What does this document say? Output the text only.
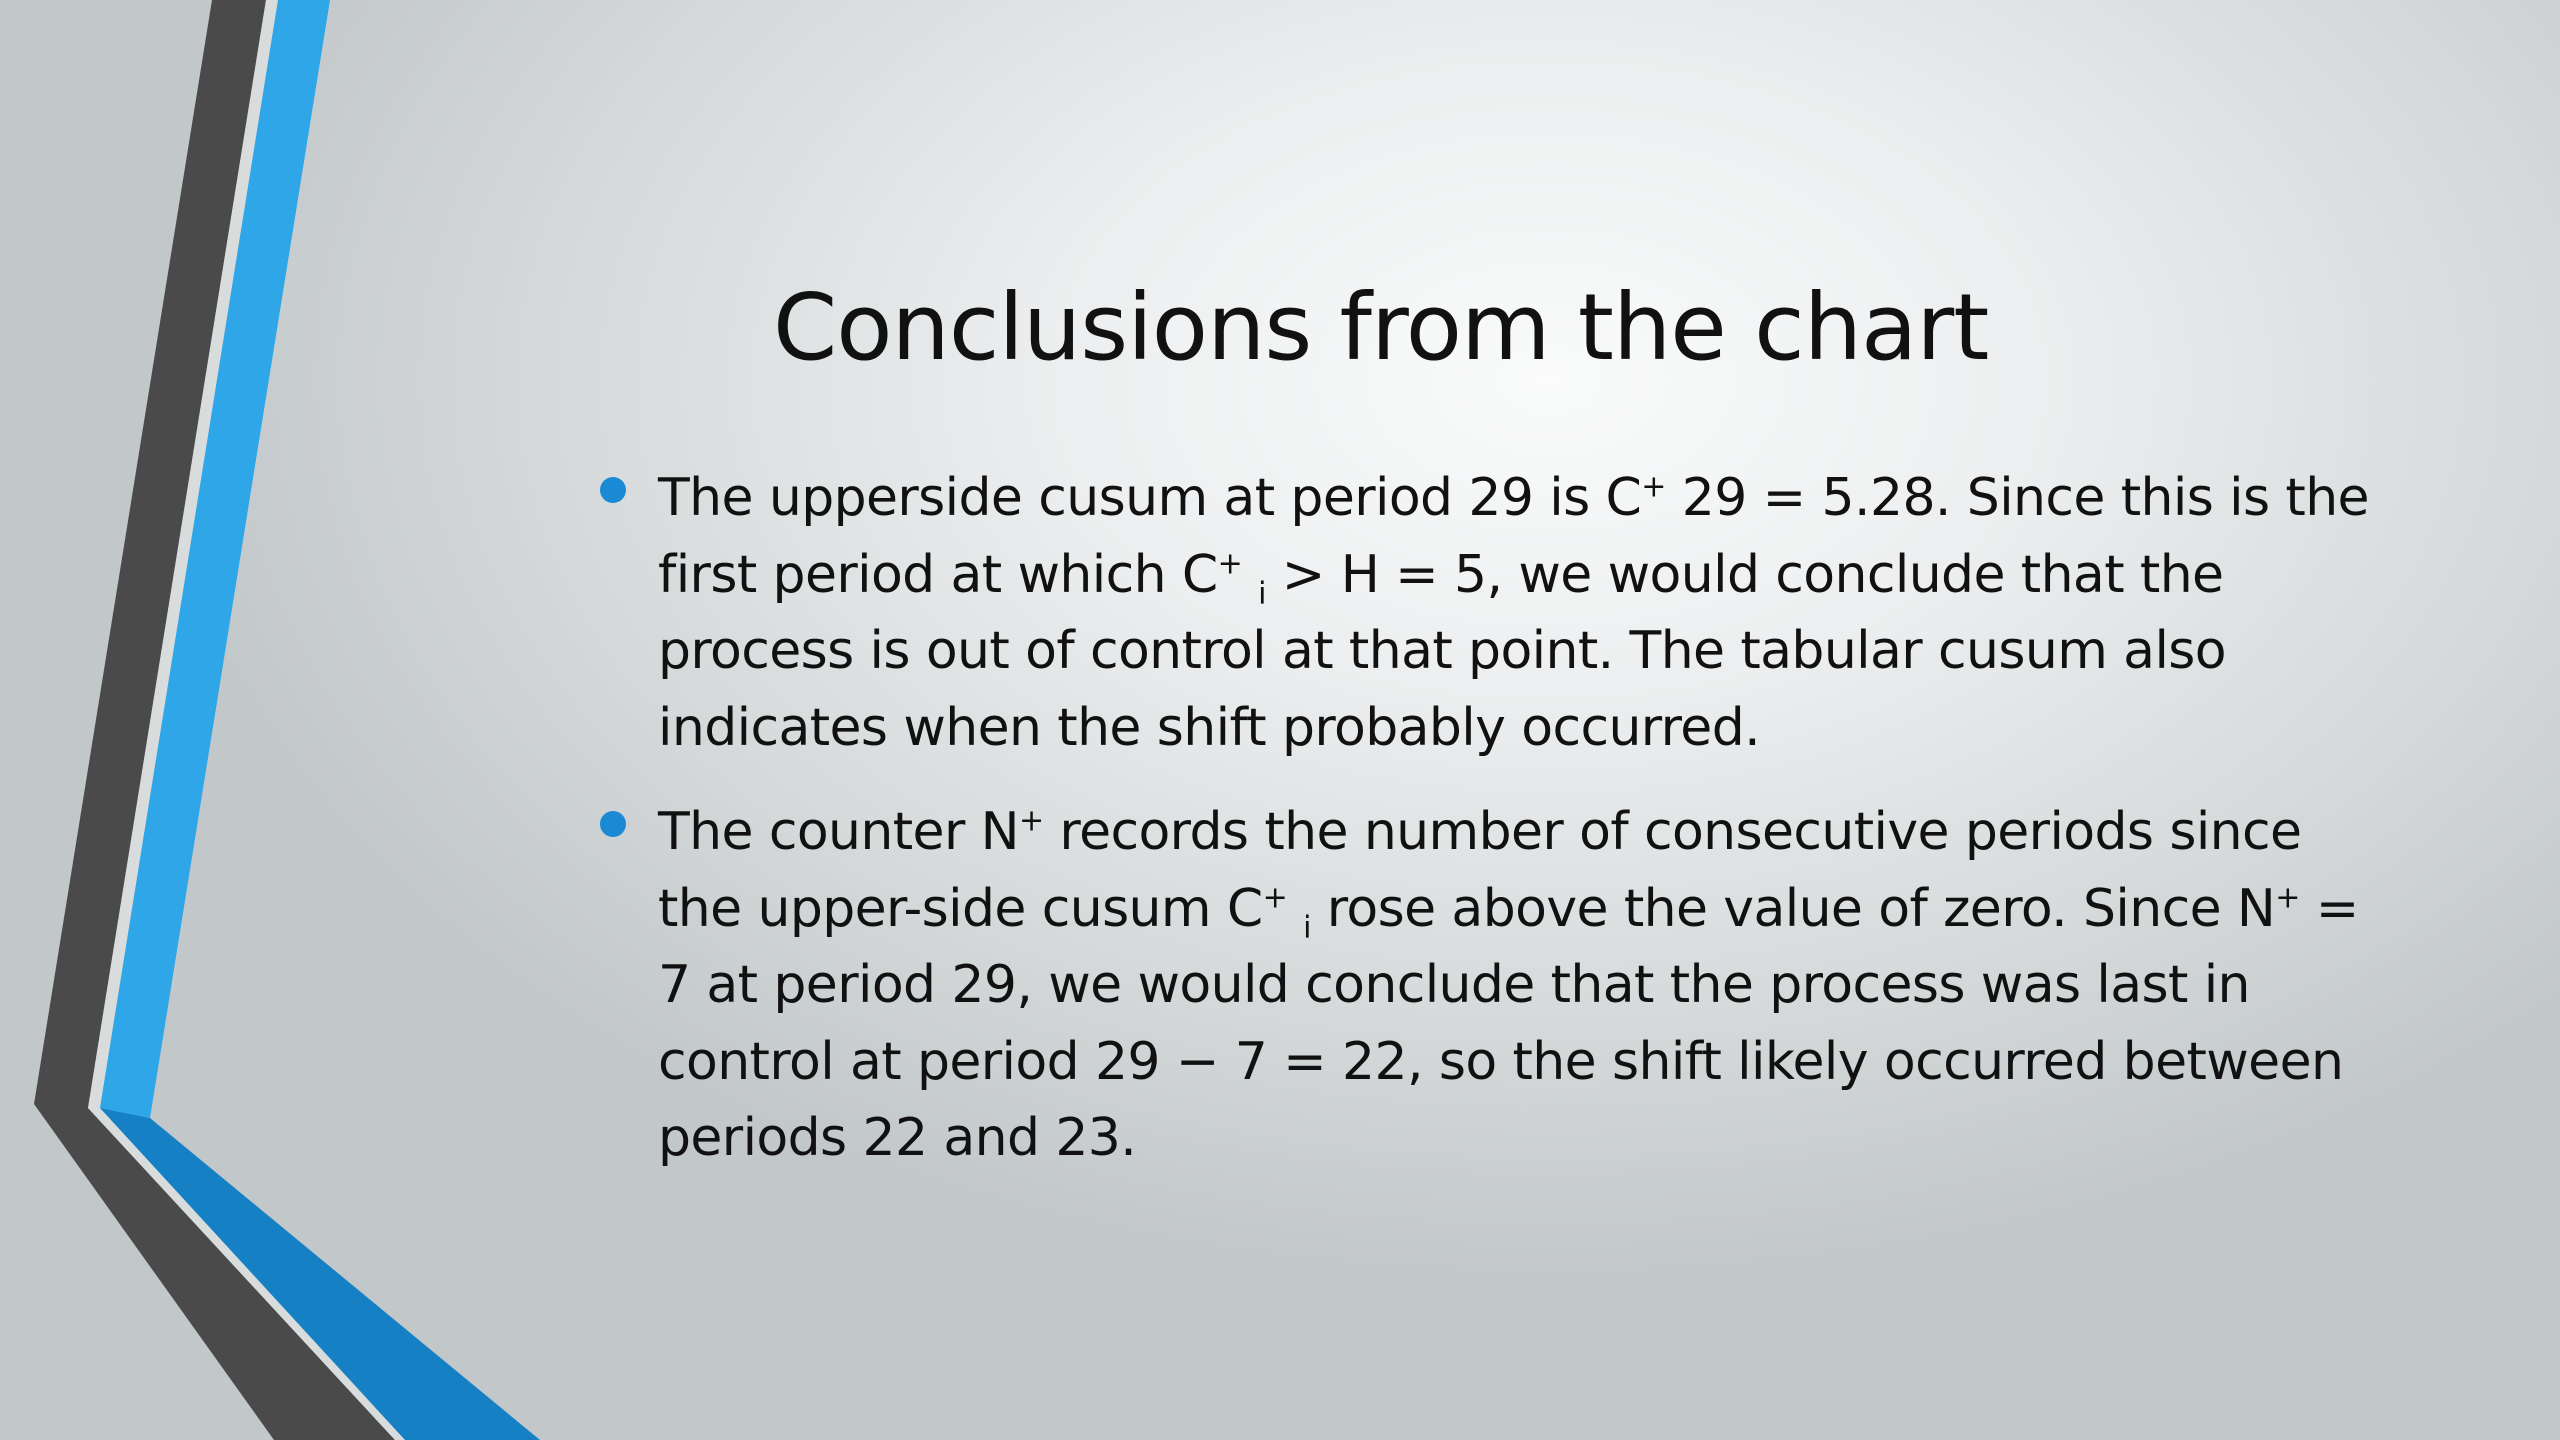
Conclusions from the chart
The upperside cusum at period 29 is C+ 29 = 5.28. Since this is the first period at which C+ $_i$ > H = 5, we would conclude that the process is out of control at that point. The tabular cusum also indicates when the shift probably occurred.
The counter N+ records the number of consecutive periods since the upper-side cusum C+ $_i$ rose above the value of zero. Since N+ = 7 at period 29, we would conclude that the process was last in control at period 29 − 7 = 22, so the shift likely occurred between periods 22 and 23.
